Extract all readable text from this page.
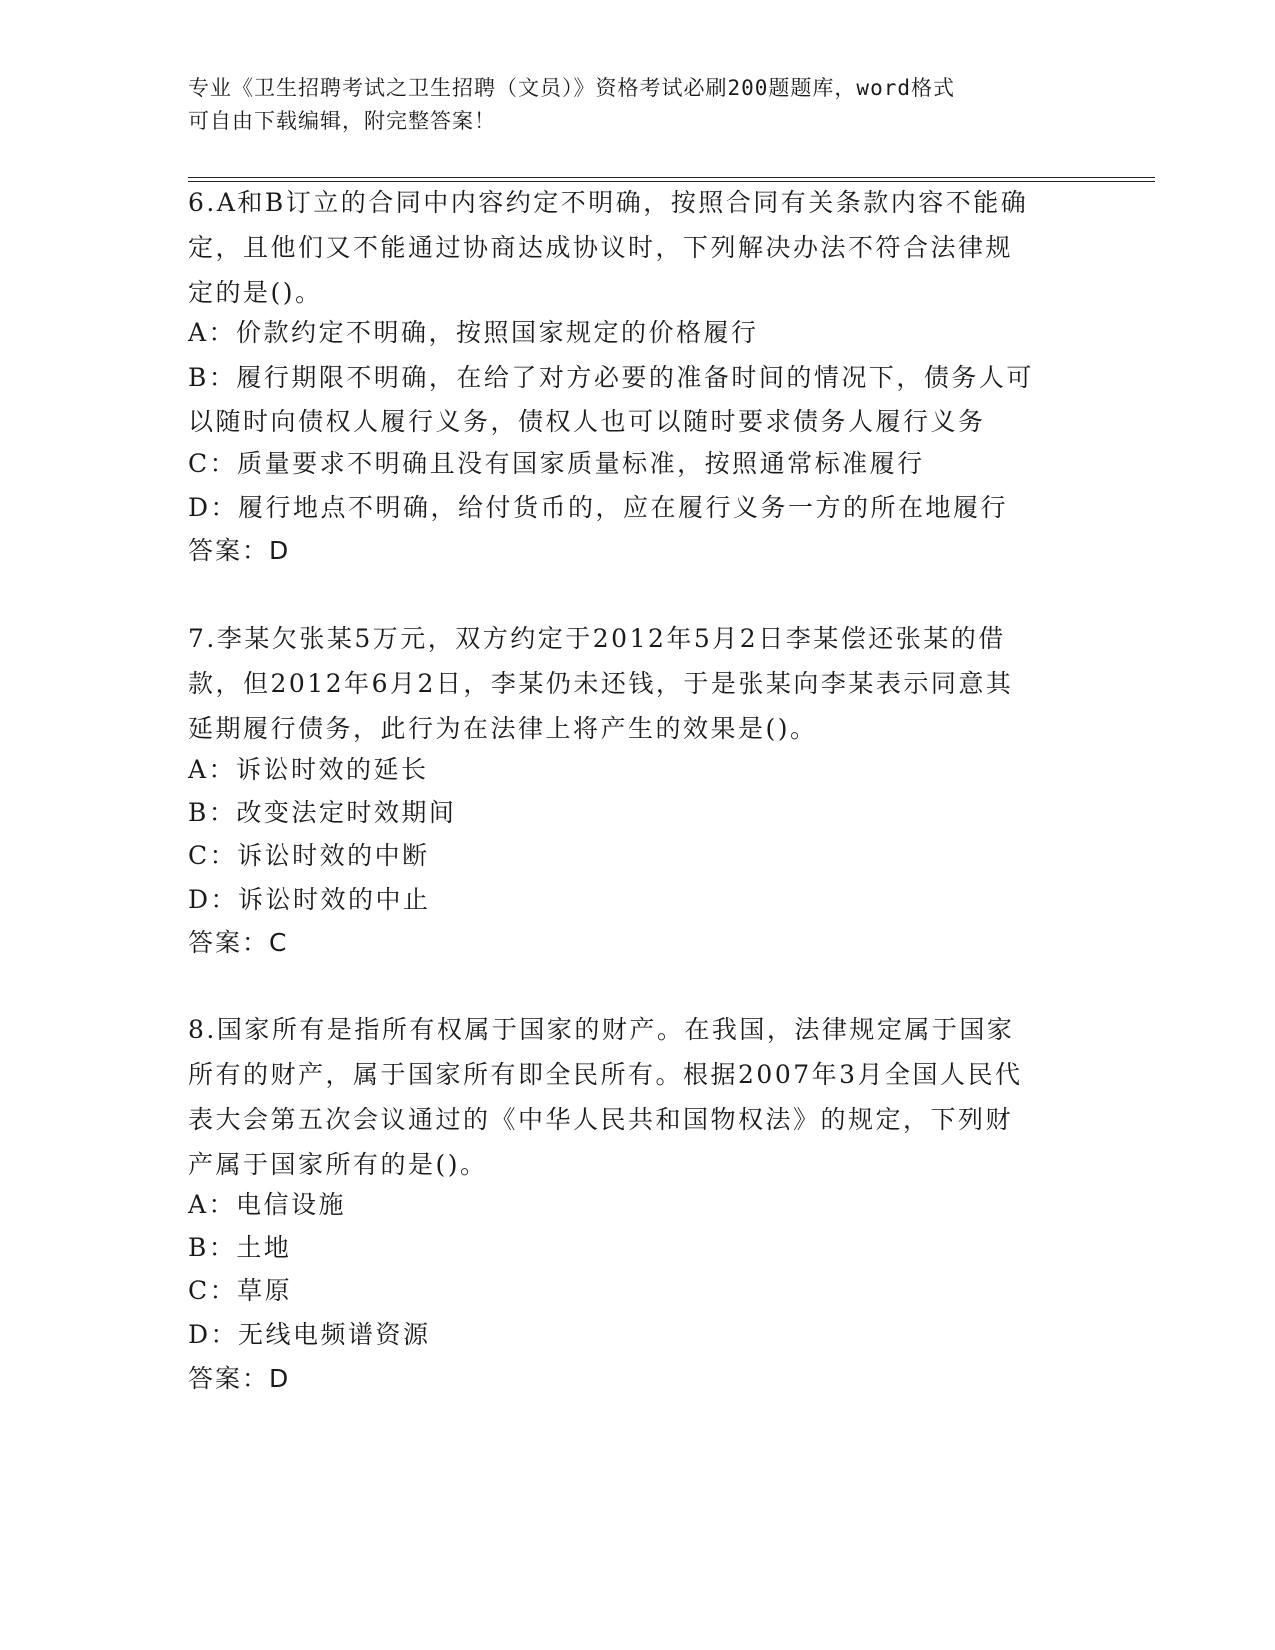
专业《卫生招聘考试之卫生招聘（文员）》资格考试必刷200题题库，word格式
可自由下载编辑，附完整答案！
6.A和B订立的合同中内容约定不明确，按照合同有关条款内容不能确
定，且他们又不能通过协商达成协议时，下列解决办法不符合法律规
定的是()。
A：价款约定不明确，按照国家规定的价格履行
B：履行期限不明确，在给了对方必要的准备时间的情况下，债务人可
以随时向债权人履行义务，债权人也可以随时要求债务人履行义务
C：质量要求不明确且没有国家质量标准，按照通常标准履行
D：履行地点不明确，给付货币的，应在履行义务一方的所在地履行
答案：D
7.李某欠张某5万元，双方约定于2012年5月2日李某偿还张某的借
款，但2012年6月2日，李某仍未还钱，于是张某向李某表示同意其
延期履行债务，此行为在法律上将产生的效果是()。
A：诉讼时效的延长
B：改变法定时效期间
C：诉讼时效的中断
D：诉讼时效的中止
答案：C
8.国家所有是指所有权属于国家的财产。在我国，法律规定属于国家
所有的财产，属于国家所有即全民所有。根据2007年3月全国人民代
表大会第五次会议通过的《中华人民共和国物权法》的规定，下列财
产属于国家所有的是()。
A：电信设施
B：土地
C：草原
D：无线电频谱资源
答案：D
